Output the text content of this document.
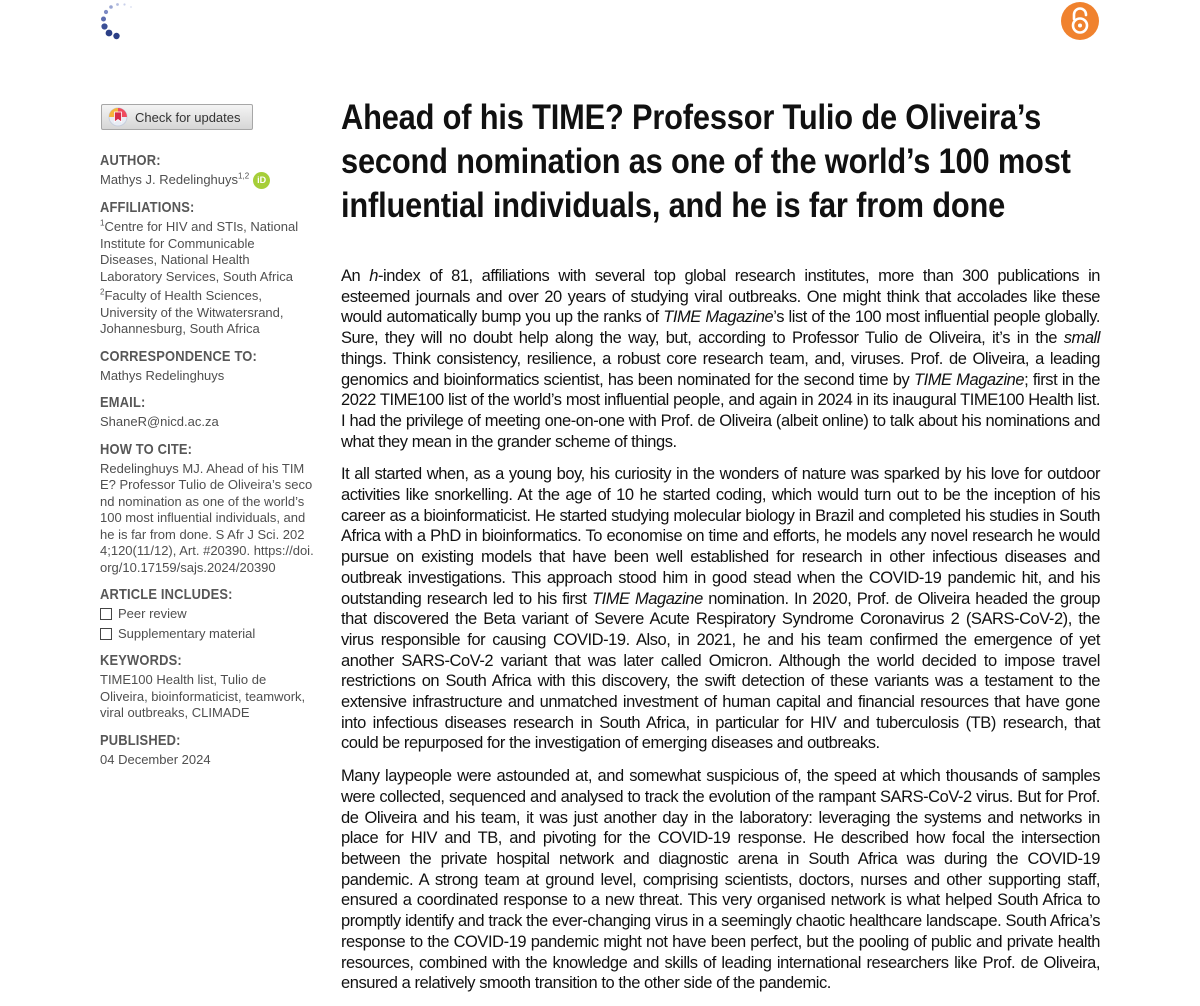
Check for updates
AUTHOR:
Mathys J. Redelinghuys$^{1,2}$ iD
AFFILIATIONS:
$^1$Centre for HIV and STIs, National Institute for Communicable Diseases, National Health Laboratory Services, South Africa
$^2$Faculty of Health Sciences, University of the Witwatersrand, Johannesburg, South Africa
CORRESPONDENCE TO:
Mathys Redelinghuys
EMAIL:
ShaneR@nicd.ac.za
HOW TO CITE:
Redelinghuys MJ. Ahead of his TIME? Professor Tulio de Oliveira’s second nomination as one of the world’s 100 most influential individuals, and he is far from done. S Afr J Sci. 2024;120(11/12), Art. #20390. https://doi.org/10.17159/sajs.2024/20390
ARTICLE INCLUDES:
Peer review
Supplementary material
KEYWORDS:
TIME100 Health list, Tulio de Oliveira, bioinformaticist, teamwork, viral outbreaks, CLIMADE
PUBLISHED:
04 December 2024
Ahead of his TIME? Professor Tulio de Oliveira’s second nomination as one of the world’s 100 most influential individuals, and he is far from done

An h-index of 81, affiliations with several top global research institutes, more than 300 publications in esteemed journals and over 20 years of studying viral outbreaks. One might think that accolades like these would automatically bump you up the ranks of TIME Magazine’s list of the 100 most influential people globally. Sure, they will no doubt help along the way, but, according to Professor Tulio de Oliveira, it’s in the small things. Think consistency, resilience, a robust core research team, and, viruses. Prof. de Oliveira, a leading genomics and bioinformatics scientist, has been nominated for the second time by TIME Magazine; first in the 2022 TIME100 list of the world’s most influential people, and again in 2024 in its inaugural TIME100 Health list. I had the privilege of meeting one-on-one with Prof. de Oliveira (albeit online) to talk about his nominations and what they mean in the grander scheme of things.

It all started when, as a young boy, his curiosity in the wonders of nature was sparked by his love for outdoor activities like snorkelling. At the age of 10 he started coding, which would turn out to be the inception of his career as a bioinformaticist. He started studying molecular biology in Brazil and completed his studies in South Africa with a PhD in bioinformatics. To economise on time and efforts, he models any novel research he would pursue on existing models that have been well established for research in other infectious diseases and outbreak investigations. This approach stood him in good stead when the COVID-19 pandemic hit, and his outstanding research led to his first TIME Magazine nomination. In 2020, Prof. de Oliveira headed the group that discovered the Beta variant of Severe Acute Respiratory Syndrome Coronavirus 2 (SARS-CoV-2), the virus responsible for causing COVID-19. Also, in 2021, he and his team confirmed the emergence of yet another SARS-CoV-2 variant that was later called Omicron. Although the world decided to impose travel restrictions on South Africa with this discovery, the swift detection of these variants was a testament to the extensive infrastructure and unmatched investment of human capital and financial resources that have gone into infectious diseases research in South Africa, in particular for HIV and tuberculosis (TB) research, that could be repurposed for the investigation of emerging diseases and outbreaks.

Many laypeople were astounded at, and somewhat suspicious of, the speed at which thousands of samples were collected, sequenced and analysed to track the evolution of the rampant SARS-CoV-2 virus. But for Prof. de Oliveira and his team, it was just another day in the laboratory: leveraging the systems and networks in place for HIV and TB, and pivoting for the COVID-19 response. He described how focal the intersection between the private hospital network and diagnostic arena in South Africa was during the COVID-19 pandemic. A strong team at ground level, comprising scientists, doctors, nurses and other supporting staff, ensured a coordinated response to a new threat. This very organised network is what helped South Africa to promptly identify and track the ever-changing virus in a seemingly chaotic healthcare landscape. South Africa’s response to the COVID-19 pandemic might not have been perfect, but the pooling of public and private health resources, combined with the knowledge and skills of leading international researchers like Prof. de Oliveira, ensured a relatively smooth transition to the other side of the pandemic.
